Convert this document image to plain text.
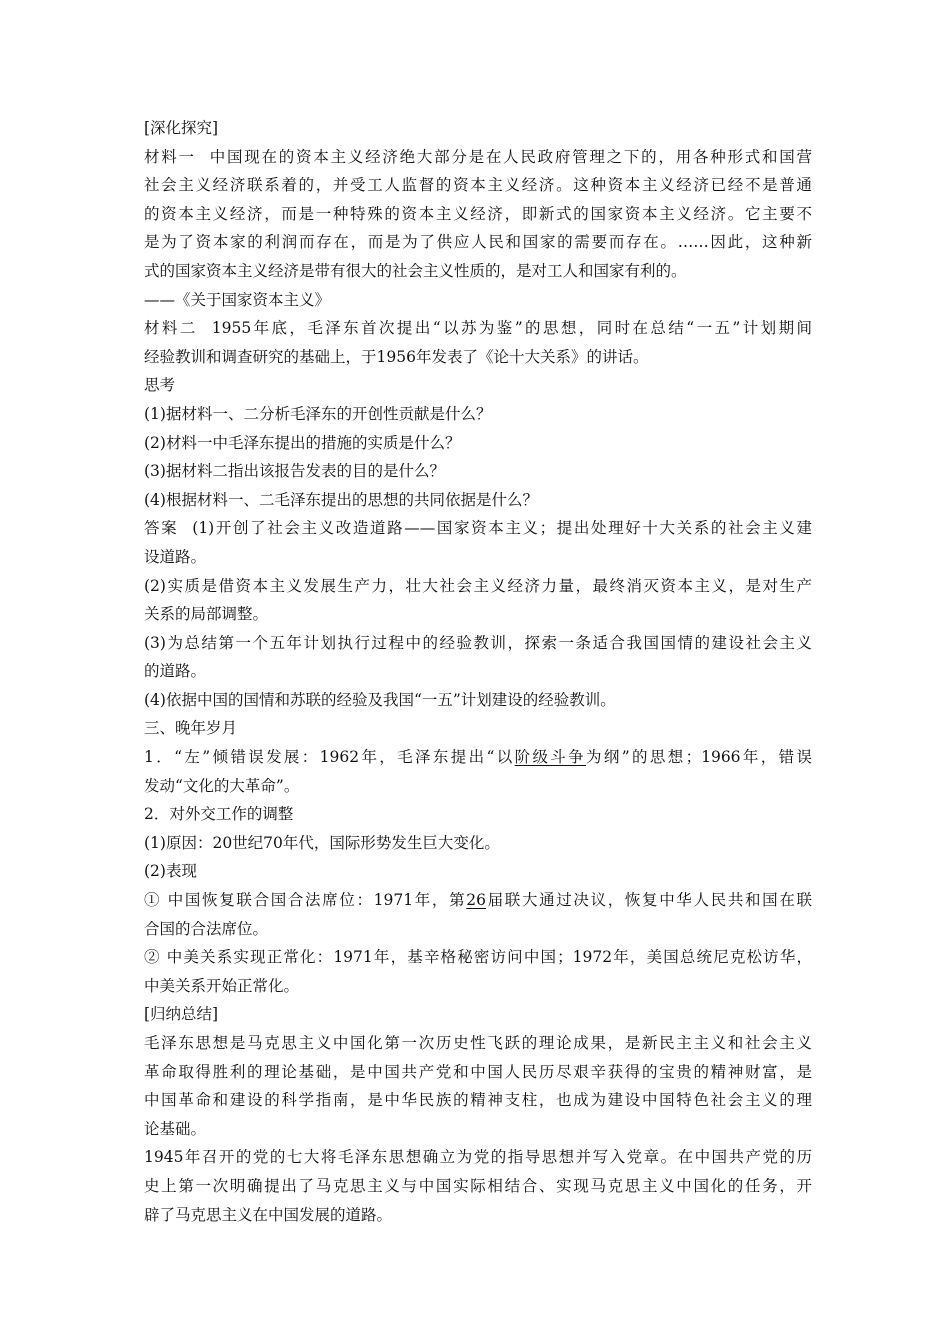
[深化探究]

材料一 中国现在的资本主义经济绝大部分是在人民政府管理之下的，用各种形式和国营

社会主义经济联系着的，并受工人监督的资本主义经济。这种资本主义经济已经不是普通

的资本主义经济，而是一种特殊的资本主义经济，即新式的国家资本主义经济。它主要不

是为了资本家的利润而存在，而是为了供应人民和国家的需要而存在。……因此，这种新

式的国家资本主义经济是带有很大的社会主义性质的，是对工人和国家有利的。

——《关于国家资本主义》

材料二 1955年底，毛泽东首次提出“以苏为鉴”的思想，同时在总结“一五”计划期间

经验教训和调查研究的基础上，于1956年发表了《论十大关系》的讲话。

思考

(1)据材料一、二分析毛泽东的开创性贡献是什么？

(2)材料一中毛泽东提出的措施的实质是什么？

(3)据材料二指出该报告发表的目的是什么？

(4)根据材料一、二毛泽东提出的思想的共同依据是什么？

答案 (1)开创了社会主义改造道路——国家资本主义；提出处理好十大关系的社会主义建

设道路。

(2)实质是借资本主义发展生产力，壮大社会主义经济力量，最终消灭资本主义，是对生产

关系的局部调整。

(3)为总结第一个五年计划执行过程中的经验教训，探索一条适合我国国情的建设社会主义

的道路。

(4)依据中国的国情和苏联的经验及我国“一五”计划建设的经验教训。

三、晚年岁月

1．“左”倾错误发展：1962年，毛泽东提出“以阶级斗争为纲”的思想；1966年，错误

发动“文化的大革命”。

2．对外交工作的调整

(1)原因：20世纪70年代，国际形势发生巨大变化。

(2)表现

① 中国恢复联合国合法席位：1971年，第26届联大通过决议，恢复中华人民共和国在联

合国的合法席位。

② 中美关系实现正常化：1971年，基辛格秘密访问中国；1972年，美国总统尼克松访华，

中美关系开始正常化。

[归纳总结]

毛泽东思想是马克思主义中国化第一次历史性飞跃的理论成果，是新民主主义和社会主义

革命取得胜利的理论基础，是中国共产党和中国人民历尽艰辛获得的宝贵的精神财富，是

中国革命和建设的科学指南，是中华民族的精神支柱，也成为建设中国特色社会主义的理

论基础。

1945年召开的党的七大将毛泽东思想确立为党的指导思想并写入党章。在中国共产党的历

史上第一次明确提出了马克思主义与中国实际相结合、实现马克思主义中国化的任务，开

辟了马克思主义在中国发展的道路。
